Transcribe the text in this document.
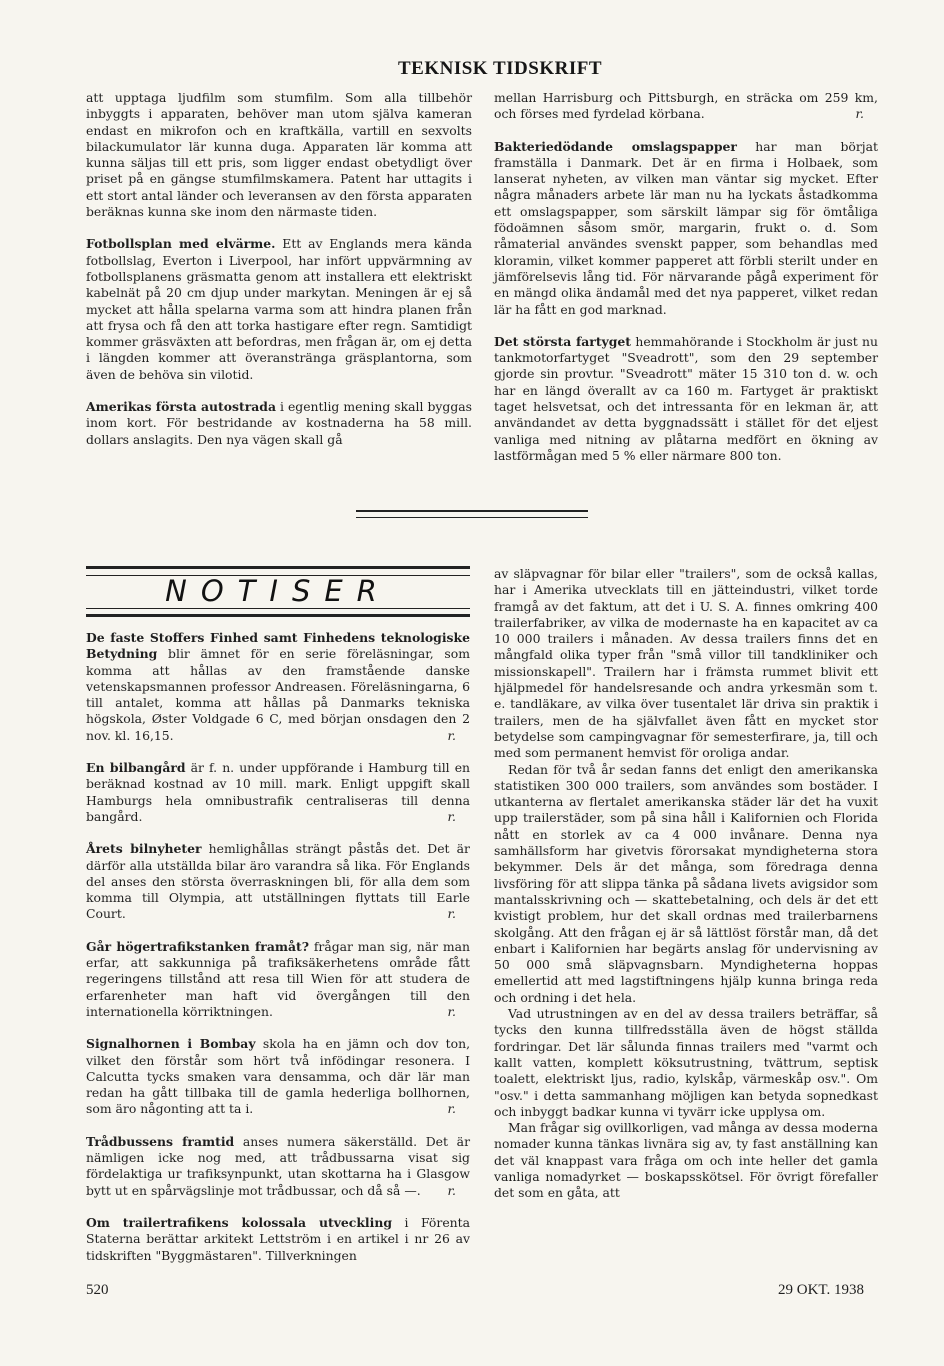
TEKNISK TIDSKRIFT

att upptaga ljudfilm som stumfilm. Som alla tillbehör inbyggts i apparaten, behöver man utom själva kameran endast en mikrofon och en kraftkälla, vartill en sexvolts bilackumulator lär kunna duga. Apparaten lär komma att kunna säljas till ett pris, som ligger endast obetydligt över priset på en gängse stumfilmskamera. Patent har uttagits i ett stort antal länder och leveransen av den första apparaten beräknas kunna ske inom den närmaste tiden.

Fotbollsplan med elvärme. Ett av Englands mera kända fotbollslag, Everton i Liverpool, har infört uppvärmning av fotbollsplanens gräsmatta genom att installera ett elektriskt kabelnät på 20 cm djup under markytan. Meningen är ej så mycket att hålla spelarna varma som att hindra planen från att frysa och få den att torka hastigare efter regn. Samtidigt kommer gräsväxten att befordras, men frågan är, om ej detta i längden kommer att överanstränga gräsplantorna, som även de behöva sin vilotid.

Amerikas första autostrada i egentlig mening skall byggas inom kort. För bestridande av kostnaderna ha 58 mill. dollars anslagits. Den nya vägen skall gå

mellan Harrisburg och Pittsburgh, en sträcka om 259 km, och förses med fyrdelad körbana.	r.

Bakteriedödande omslagspapper har man börjat framställa i Danmark. Det är en firma i Holbaek, som lanserat nyheten, av vilken man väntar sig mycket. Efter några månaders arbete lär man nu ha lyckats åstadkomma ett omslagspapper, som särskilt lämpar sig för ömtåliga födoämnen såsom smör, margarin, frukt o. d. Som råmaterial användes svenskt papper, som behandlas med kloramin, vilket kommer papperet att förbli sterilt under en jämförelsevis lång tid. För närvarande pågå experiment för en mängd olika ändamål med det nya papperet, vilket redan lär ha fått en god marknad.

Det största fartyget hemmahörande i Stockholm är just nu tankmotorfartyget "Sveadrott", som den 29 september gjorde sin provtur. "Sveadrott" mäter 15 310 ton d. w. och har en längd överallt av ca 160 m. Fartyget är praktiskt taget helsvetsat, och det intressanta för en lekman är, att användandet av detta byggnadssätt i stället för det eljest vanliga med nitning av plåtarna medfört en ökning av lastförmågan med 5 % eller närmare 800 ton.

NOTISER

De faste Stoffers Finhed samt Finhedens teknologiske Betydning blir ämnet för en serie föreläsningar, som komma att hållas av den framstående danske vetenskapsmannen professor Andreasen. Föreläsningarna, 6 till antalet, komma att hållas på Danmarks tekniska högskola, Øster Voldgade 6 C, med början onsdagen den 2 nov. kl. 16,15.	r.

En bilbangård är f. n. under uppförande i Hamburg till en beräknad kostnad av 10 mill. mark. Enligt uppgift skall Hamburgs hela omnibustrafik centraliseras till denna bangård.	r.

Årets bilnyheter hemlighållas strängt påstås det. Det är därför alla utställda bilar äro varandra så lika. För Englands del anses den största överraskningen bli, för alla dem som komma till Olympia, att utställningen flyttats till Earle Court.	r.

Går högertrafikstanken framåt? frågar man sig, när man erfar, att sakkunniga på trafiksäkerhetens område fått regeringens tillstånd att resa till Wien för att studera de erfarenheter man haft vid övergången till den internationella körriktningen.	r.

Signalhornen i Bombay skola ha en jämn och dov ton, vilket den förstår som hört två infödingar resonera. I Calcutta tycks smaken vara densamma, och där lär man redan ha gått tillbaka till de gamla hederliga bollhornen, som äro någonting att ta i.	r.

Trådbussens framtid anses numera säkerställd. Det är nämligen icke nog med, att trådbussarna visat sig fördelaktiga ur trafiksynpunkt, utan skottarna ha i Glasgow bytt ut en spårvägslinje mot trådbussar, och då så —. r.

Om trailertrafikens kolossala utveckling i Förenta Staterna berättar arkitekt Lettström i en artikel i nr 26 av tidskriften "Byggmästaren". Tillverkningen

av släpvagnar för bilar eller "trailers", som de också kallas, har i Amerika utvecklats till en jätteindustri, vilket torde framgå av det faktum, att det i U. S. A. finnes omkring 400 trailerfabriker, av vilka de modernaste ha en kapacitet av ca 10 000 trailers i månaden. Av dessa trailers finns det en mångfald olika typer från "små villor till tandkliniker och missionskapell". Trailern har i främsta rummet blivit ett hjälpmedel för handelsresande och andra yrkesmän som t. e. tandläkare, av vilka över tusentalet lär driva sin praktik i trailers, men de ha självfallet även fått en mycket stor betydelse som campingvagnar för semesterfirare, ja, till och med som permanent hemvist för oroliga andar.

Redan för två år sedan fanns det enligt den amerikanska statistiken 300 000 trailers, som användes som bostäder. I utkanterna av flertalet amerikanska städer lär det ha vuxit upp trailerstäder, som på sina håll i Kalifornien och Florida nått en storlek av ca 4 000 invånare. Denna nya samhällsform har givetvis förorsakat myndigheterna stora bekymmer. Dels är det många, som föredraga denna livsföring för att slippa tänka på sådana livets avigsidor som mantalsskrivning och — skattebetalning, och dels är det ett kvistigt problem, hur det skall ordnas med trailerbarnens skolgång. Att den frågan ej är så lättlöst förstår man, då det enbart i Kalifornien har begärts anslag för undervisning av 50 000 små släpvagnsbarn. Myndigheterna hoppas emellertid att med lagstiftningens hjälp kunna bringa reda och ordning i det hela.

Vad utrustningen av en del av dessa trailers beträffar, så tycks den kunna tillfredsställa även de högst ställda fordringar. Det lär sålunda finnas trailers med "varmt och kallt vatten, komplett köksutrustning, tvättrum, septisk toalett, elektriskt ljus, radio, kylskåp, värmeskåp osv.". Om "osv." i detta sammanhang möjligen kan betyda sopnedkast och inbyggt badkar kunna vi tyvärr icke upplysa om.

Man frågar sig ovillkorligen, vad många av dessa moderna nomader kunna tänkas livnära sig av, ty fast anställning kan det väl knappast vara fråga om och inte heller det gamla vanliga nomadyrket — boskapsskötsel. För övrigt förefaller det som en gåta, att

520	29 OKT. 1938
